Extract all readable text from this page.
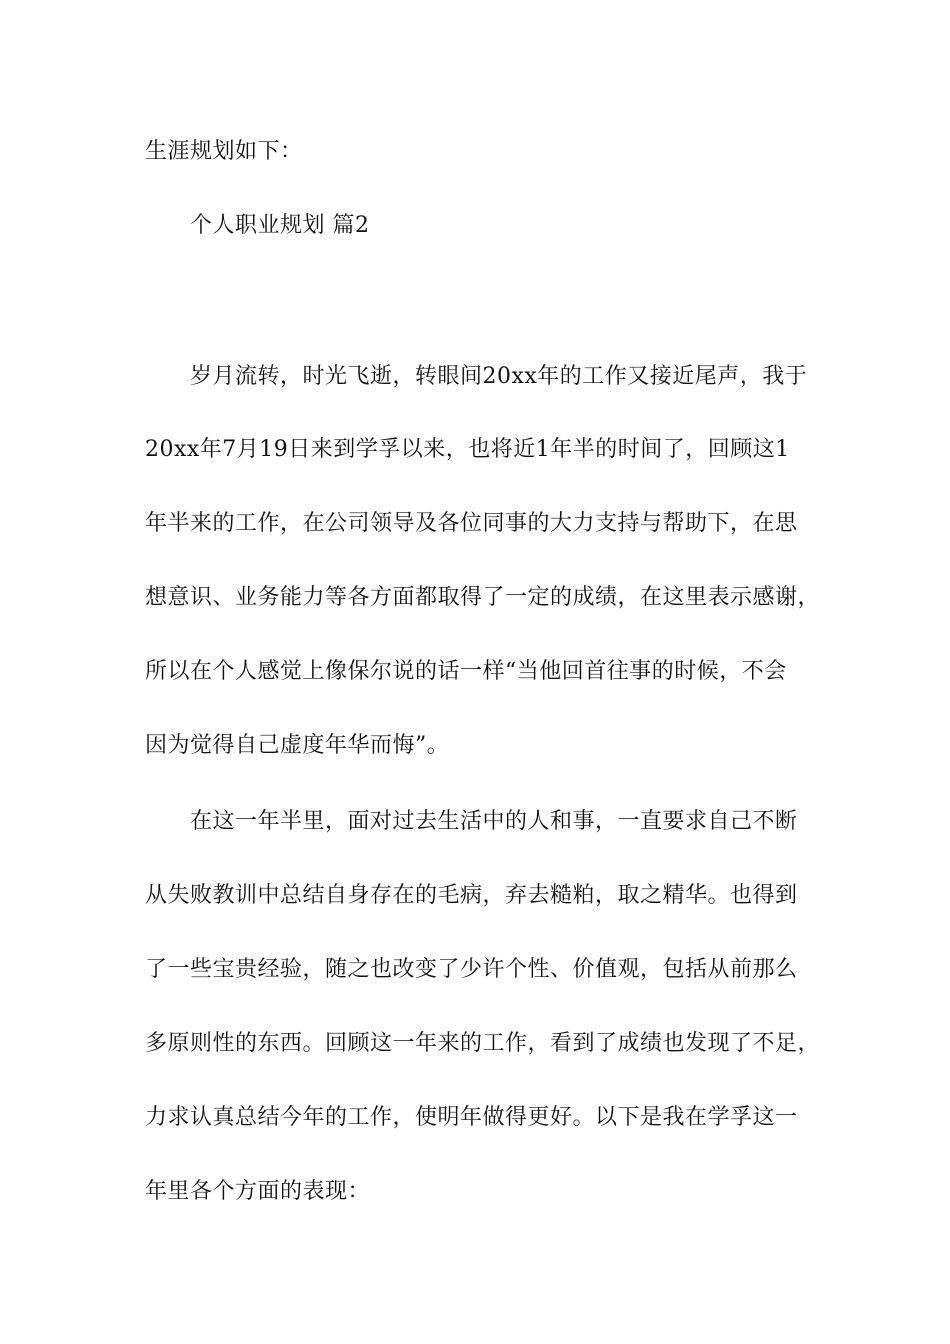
生涯规划如下：
个人职业规划 篇2
岁月流转，时光飞逝，转眼间20xx年的工作又接近尾声，我于
20xx年7月19日来到学孚以来，也将近1年半的时间了，回顾这1
年半来的工作，在公司领导及各位同事的大力支持与帮助下，在思
想意识、业务能力等各方面都取得了一定的成绩，在这里表示感谢，
所以在个人感觉上像保尔说的话一样“当他回首往事的时候，不会
因为觉得自己虚度年华而悔”。
在这一年半里，面对过去生活中的人和事，一直要求自己不断
从失败教训中总结自身存在的毛病，弃去糙粕，取之精华。也得到
了一些宝贵经验，随之也改变了少许个性、价值观，包括从前那么
多原则性的东西。回顾这一年来的工作，看到了成绩也发现了不足，
力求认真总结今年的工作，使明年做得更好。以下是我在学孚这一
年里各个方面的表现：
